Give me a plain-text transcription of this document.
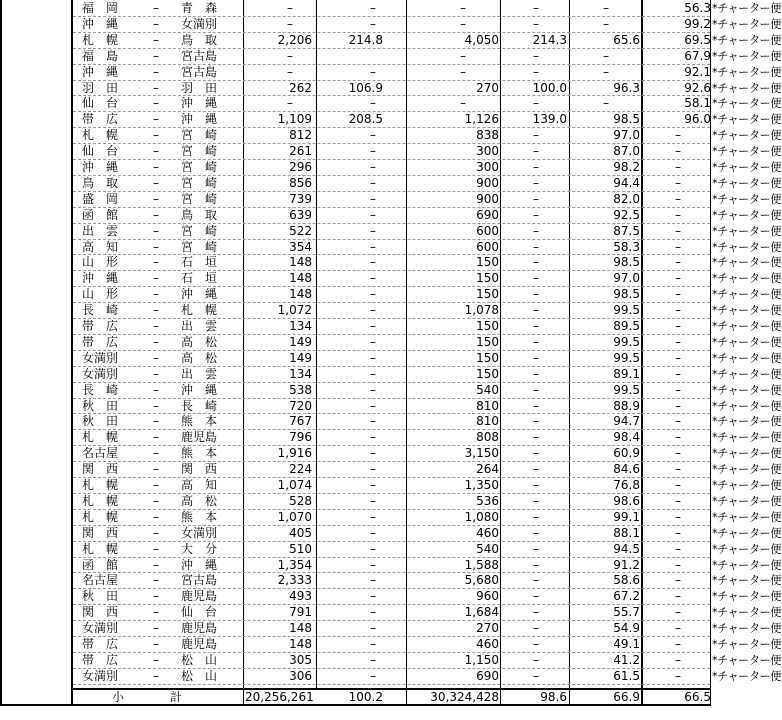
福　岡	–	青　森	–	–	–	–	–	56.3 *チャーター便
沖　縄	–	女満別	–	–	–	–	–	99.2 *チャーター便
札　幌	–	鳥　取	2,206	214.8	4,050	214.3	65.6	69.5 *チャーター便
福　島	–	宮古島	–	–	–	–	67.9 *チャーター便
沖　縄	–	宮古島	–	–	–	–	–	92.1 *チャーター便
羽　田	–	羽　田	262	106.9	270	100.0	96.3	92.6 *チャーター便
仙　台	–	沖　縄	–	–	–	–	–	58.1 *チャーター便
帯　広	–	沖　縄	1,109	208.5	1,126	139.0	98.5	96.0 *チャーター便
札　幌	–	宮　崎	812	–	838	–	97.0	–	*チャーター便
仙　台	–	宮　崎	261	–	300	–	87.0	–	*チャーター便
沖　縄	–	宮　崎	296	–	300	–	98.2	–	*チャーター便
鳥　取	–	宮　崎	856	–	900	–	94.4	–	*チャーター便
盛　岡	–	宮　崎	739	–	900	–	82.0	–	*チャーター便
函　館	–	鳥　取	639	–	690	–	92.5	–	*チャーター便
出　雲	–	宮　崎	522	–	600	–	87.5	–	*チャーター便
高　知	–	宮　崎	354	–	600	–	58.3	–	*チャーター便
山　形	–	石　垣	148	–	150	–	98.5	–	*チャーター便
沖　縄	–	石　垣	148	–	150	–	97.0	–	*チャーター便
山　形	–	沖　縄	148	–	150	–	98.5	–	*チャーター便
長　崎	–	札　幌	1,072	–	1,078	–	99.5	–	*チャーター便
帯　広	–	出　雲	134	–	150	–	89.5	–	*チャーター便
帯　広	–	高　松	149	–	150	–	99.5	–	*チャーター便
女満別	–	高　松	149	–	150	–	99.5	–	*チャーター便
女満別	–	出　雲	134	–	150	–	89.1	–	*チャーター便
長　崎	–	沖　縄	538	–	540	–	99.5	–	*チャーター便
秋　田	–	長　崎	720	–	810	–	88.9	–	*チャーター便
秋　田	–	熊　本	767	–	810	–	94.7	–	*チャーター便
札　幌	–	鹿児島	796	–	808	–	98.4	–	*チャーター便
名古屋	–	熊　本	1,916	–	3,150	–	60.9	–	*チャーター便
関　西	–	関　西	224	–	264	–	84.6	–	*チャーター便
札　幌	–	高　知	1,074	–	1,350	–	76.8	–	*チャーター便
札　幌	–	高　松	528	–	536	–	98.6	–	*チャーター便
札　幌	–	熊　本	1,070	–	1,080	–	99.1	–	*チャーター便
関　西	–	女満別	405	–	460	–	88.1	–	*チャーター便
札　幌	–	大　分	510	–	540	–	94.5	–	*チャーター便
函　館	–	沖　縄	1,354	–	1,588	–	91.2	–	*チャーター便
名古屋	–	宮古島	2,333	–	5,680	–	58.6	–	*チャーター便
秋　田	–	鹿児島	493	–	960	–	67.2	–	*チャーター便
関　西	–	仙　台	791	–	1,684	–	55.7	–	*チャーター便
女満別	–	鹿児島	148	–	270	–	54.9	–	*チャーター便
帯　広	–	鹿児島	148	–	460	–	49.1	–	*チャーター便
帯　広	–	松　山	305	–	1,150	–	41.2	–	*チャーター便
女満別	–	松　山	306	–	690	–	61.5	–	*チャーター便
小	計	20,256,261	100.2	30,324,428	98.6	66.9	66.5
